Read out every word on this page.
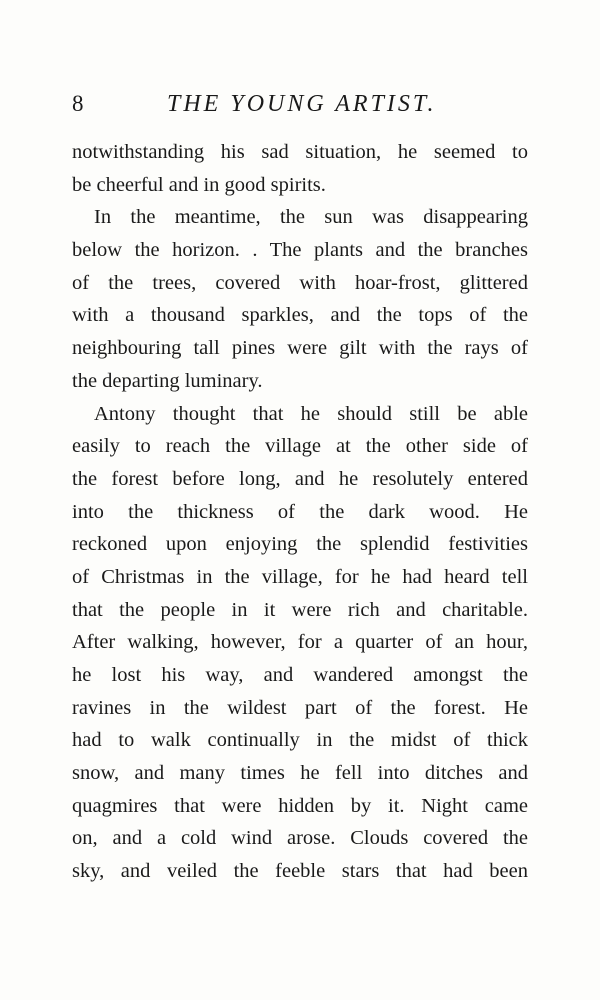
8	THE YOUNG ARTIST.
notwithstanding his sad situation, he seemed to
be cheerful and in good spirits.
In the meantime, the sun was disappearing
below the horizon. . The plants and the branches
of the trees, covered with hoar-frost, glittered
with a thousand sparkles, and the tops of the
neighbouring tall pines were gilt with the rays of
the departing luminary.
Antony thought that he should still be able
easily to reach the village at the other side of
the forest before long, and he resolutely entered
into the thickness of the dark wood. He
reckoned upon enjoying the splendid festivities
of Christmas in the village, for he had heard tell
that the people in it were rich and charitable.
After walking, however, for a quarter of an hour,
he lost his way, and wandered amongst the
ravines in the wildest part of the forest. He
had to walk continually in the midst of thick
snow, and many times he fell into ditches and
quagmires that were hidden by it. Night came
on, and a cold wind arose. Clouds covered the
sky, and veiled the feeble stars that had been
